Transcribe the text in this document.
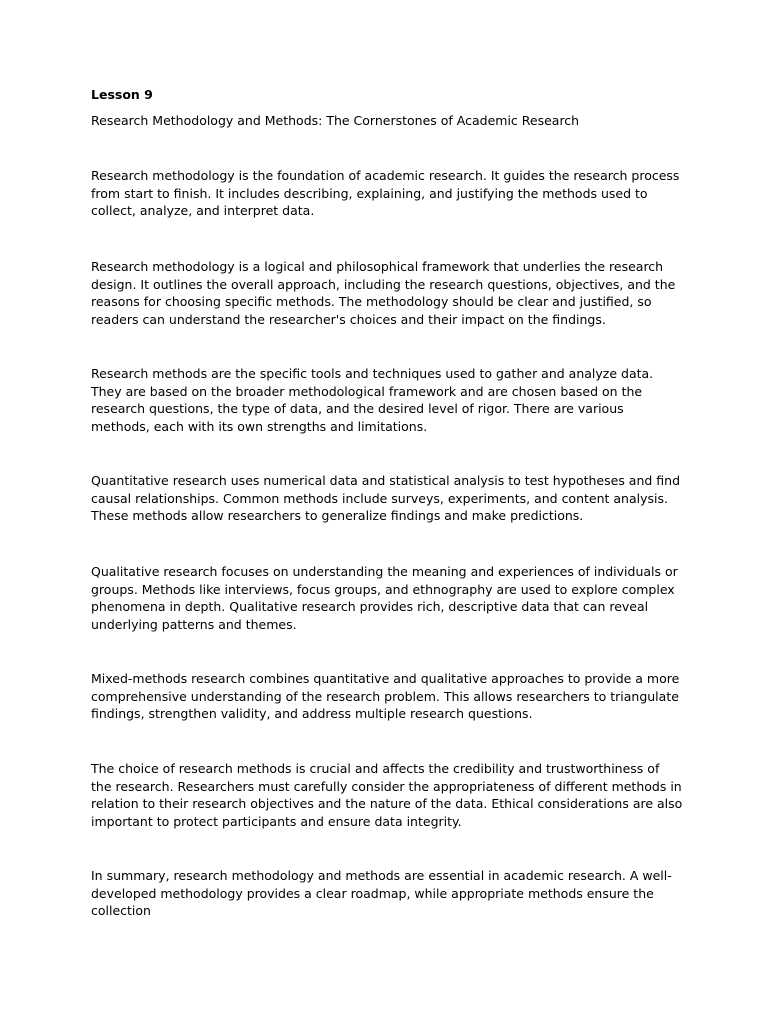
Lesson 9

Research Methodology and Methods: The Cornerstones of Academic Research

Research methodology is the foundation of academic research. It guides the research process from start to finish. It includes describing, explaining, and justifying the methods used to collect, analyze, and interpret data.

Research methodology is a logical and philosophical framework that underlies the research design. It outlines the overall approach, including the research questions, objectives, and the reasons for choosing specific methods. The methodology should be clear and justified, so readers can understand the researcher's choices and their impact on the findings.

Research methods are the specific tools and techniques used to gather and analyze data. They are based on the broader methodological framework and are chosen based on the research questions, the type of data, and the desired level of rigor. There are various methods, each with its own strengths and limitations.

Quantitative research uses numerical data and statistical analysis to test hypotheses and find causal relationships. Common methods include surveys, experiments, and content analysis. These methods allow researchers to generalize findings and make predictions.

Qualitative research focuses on understanding the meaning and experiences of individuals or groups. Methods like interviews, focus groups, and ethnography are used to explore complex phenomena in depth. Qualitative research provides rich, descriptive data that can reveal underlying patterns and themes.

Mixed-methods research combines quantitative and qualitative approaches to provide a more comprehensive understanding of the research problem. This allows researchers to triangulate findings, strengthen validity, and address multiple research questions.

The choice of research methods is crucial and affects the credibility and trustworthiness of the research. Researchers must carefully consider the appropriateness of different methods in relation to their research objectives and the nature of the data. Ethical considerations are also important to protect participants and ensure data integrity.

In summary, research methodology and methods are essential in academic research. A well-developed methodology provides a clear roadmap, while appropriate methods ensure the collection
